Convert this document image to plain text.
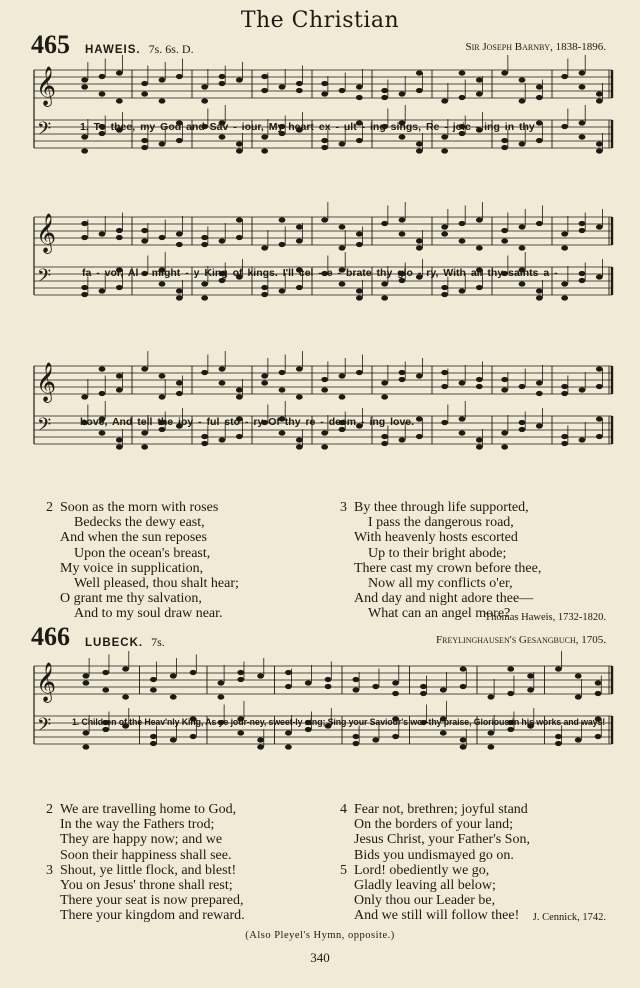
The Christian
465 HAWEIS. 7s. 6s. D.	Sir Joseph Barnby, 1838-1896.
𝄞
𝄢
𝄞
𝄢
𝄞
𝄢
𝄞
𝄢
1. To thee, my God and Sav - iour, My heart ex - ult - ing sings, Re - joic - ing in thy
fa - vor, Al - might - y King of kings. I'll cel - e - brate thy glo - ry, With all thy saints a -
bove, And tell the joy - ful sto - ry Of thy re - deem - ing love.
2 Soon as the morn with roses
Bedecks the dewy east,
And when the sun reposes
Upon the ocean's breast,
My voice in supplication,
Well pleased, thou shalt hear;
O grant me thy salvation,
And to my soul draw near.
3 By thee through life supported,
I pass the dangerous road,
With heavenly hosts escorted
Up to their bright abode;
There cast my crown before thee,
Now all my conflicts o'er,
And day and night adore thee—
What can an angel more?
Thomas Haweis, 1732-1820.
466 LUBECK. 7s.	Freylinghausen's Gesangbuch, 1705.
1. Children of the Heav'nly King, As ye jour-ney, sweet-ly sing; Sing your Saviour's wor-thy praise, Glorious in his works and ways!
2 We are travelling home to God,
In the way the Fathers trod;
They are happy now; and we
Soon their happiness shall see.
3 Shout, ye little flock, and blest!
You on Jesus' throne shall rest;
There your seat is now prepared,
There your kingdom and reward.
4 Fear not, brethren; joyful stand
On the borders of your land;
Jesus Christ, your Father's Son,
Bids you undismayed go on.
5 Lord! obediently we go,
Gladly leaving all below;
Only thou our Leader be,
And we still will follow thee!	J. Cennick, 1742.
(Also Pleyel's Hymn, opposite.)
340
